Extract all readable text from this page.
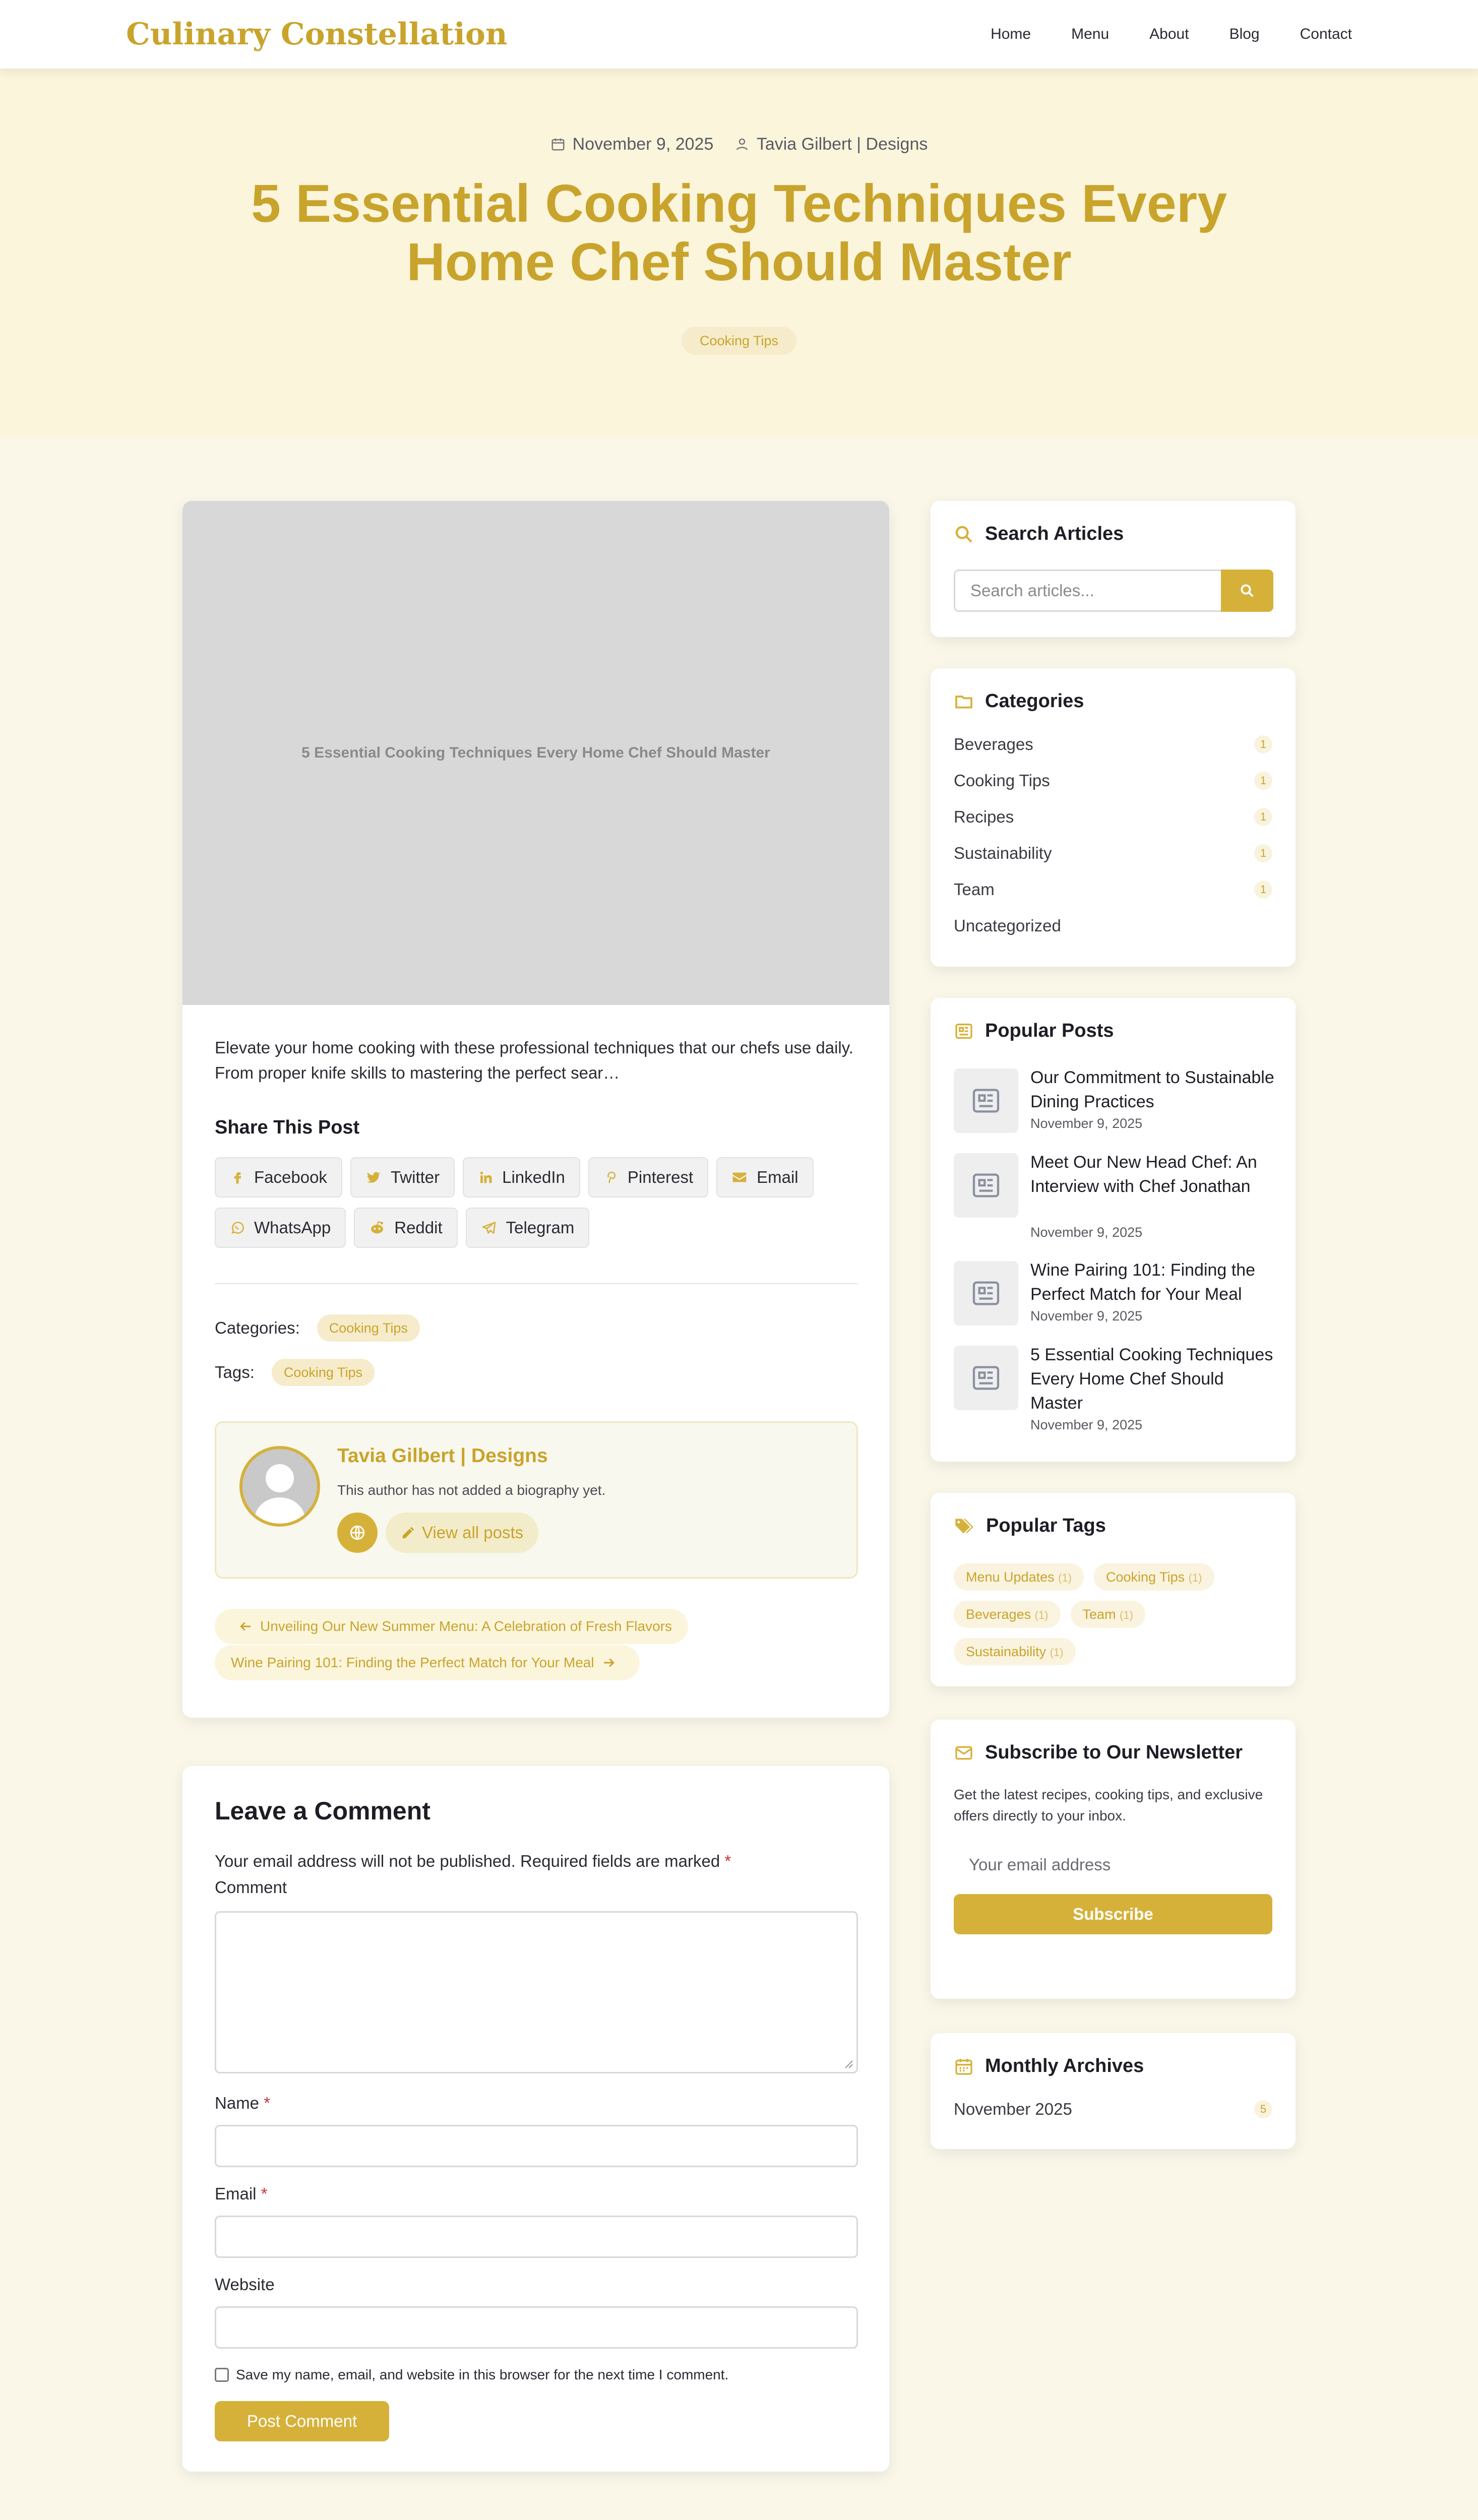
Culinary Constellation	Home	Menu	About	Blog	Contact
November 9, 2025
	Tavia Gilbert | Designs
5 Essential Cooking Techniques Every Home Chef Should Master
Cooking Tips
5 Essential Cooking Techniques Every Home Chef Should Master

Elevate your home cooking with these professional techniques that our chefs use daily. From proper knife skills to mastering the perfect sear…

Share This Post
Facebook	Twitter	LinkedIn	Pinterest	Email
WhatsApp	Reddit	Telegram
Categories:	Cooking Tips
Tags:	Cooking Tips
Tavia Gilbert | Designs
This author has not added a biography yet.
View all posts
Unveiling Our New Summer Menu: A Celebration of Fresh Flavors
Wine Pairing 101: Finding the Perfect Match for Your Meal
Leave a Comment

Your email address will not be published. Required fields are marked *

Comment
Name *
Email *
Website
Save my name, email, and website in this browser for the next time I comment.
Post Comment
Search Articles
Search articles...
Categories
Beverages	1
Cooking Tips	1
Recipes	1
Sustainability	1
Team	1
Uncategorized
Popular Posts
Our Commitment to Sustainable Dining Practices
November 9, 2025
Meet Our New Head Chef: An Interview with Chef Jonathan
November 9, 2025
Wine Pairing 101: Finding the Perfect Match for Your Meal
November 9, 2025
5 Essential Cooking Techniques Every Home Chef Should Master
November 9, 2025
Popular Tags
Menu Updates (1)	Cooking Tips (1)
Beverages (1)	Team (1)
Sustainability (1)
Subscribe to Our Newsletter

Get the latest recipes, cooking tips, and exclusive offers directly to your inbox.

Your email address
Subscribe
Monthly Archives
November 2025	5
